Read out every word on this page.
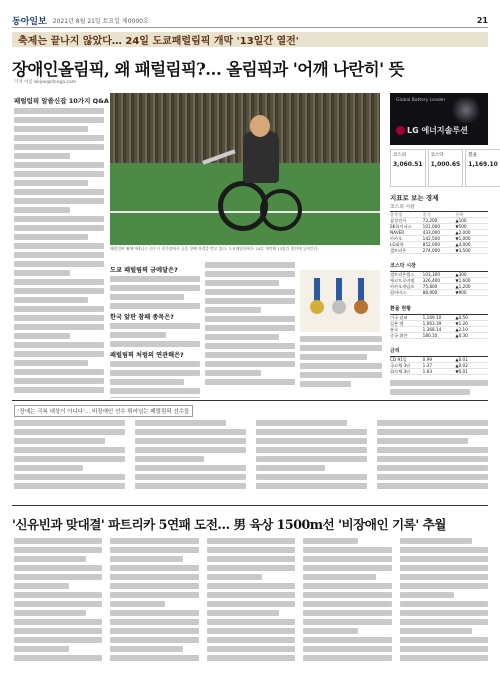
동아일보 2021년 8월 21일 토요일 제0000호	21
축제는 끝나지 않았다… 24일 도쿄패럴림픽 개막 '13일간 열전'
장애인올림픽, 왜 패럴림픽?… 올림픽과 '어깨 나란히' 뜻
기자 이름 bkjoo@donga.com
패럴림픽 알쓸신잡 10가지 Q&A
패럴림픽 휠체어테니스 선수가 경기장에서 공을 향해 라켓을 뻗고 있다. 도쿄패럴림픽은 24일 개막해 13일간 열전에 들어간다.
도쿄 패럴림픽 금메달은?
한국 앞판 참패 종목은?
패럴림픽 처럼의 연관해은?
Global Battery Leader
LG 에너지솔루션
코스피
3,060.51
코스닥
1,000.65
환율
1,169.10
지표로 보는 경제
코스피 시장
종목명	종가	등락
삼성전자	73,200	▲100
SK하이닉스	101,000	▼500
NAVER	433,000	▲2,000
카카오	142,500	▼1,000
LG화학	852,000	▲4,000
셀트리온	274,000	▼3,500
코스닥 시장
셀트리온헬스	103,300	▲300
에코프로비엠	326,400	▼1,600
카카오게임즈	75,800	▲1,200
펄어비스	88,900	▼900
환율 현황
미국 달러	1,169.10	▲0.50
일본 엔	1,063.39	▼1.20
유로	1,368.14	▲2.10
중국 위안	180.10	▲0.30
금리
CD 91일	0.99	▲0.01
국고채 3년	1.37	▲0.02
회사채 3년	1.93	▼0.01
'장애는 극복 대상이 아니다'… 비장애인 선수 뛰어넘는 패럴림픽 선수들
'신유빈과 맞대결' 파트리카 5연패 도전… 男 육상 1500m선 '비장애인 기록' 추월
